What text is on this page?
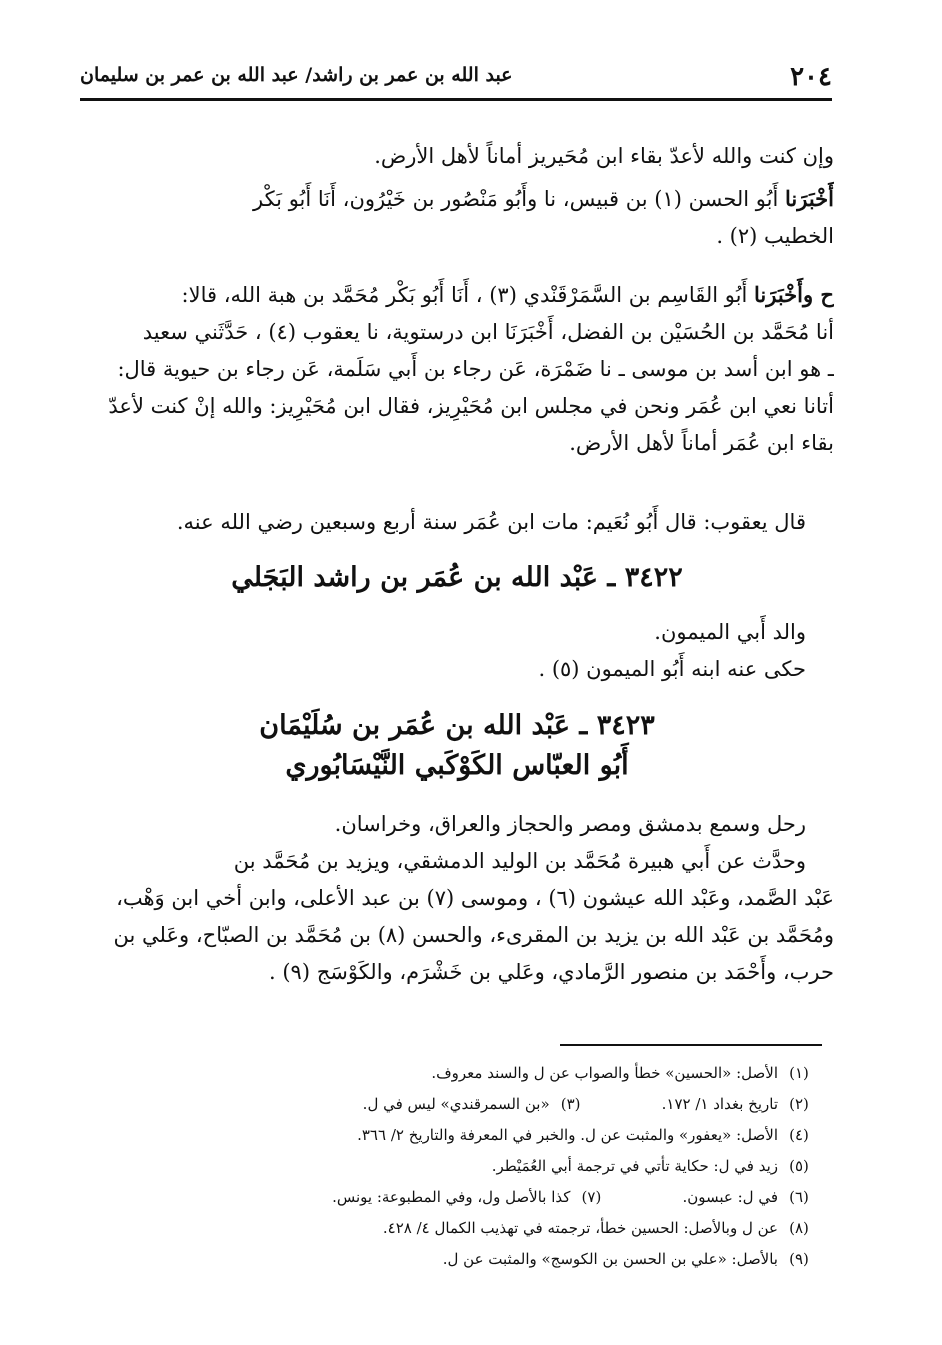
٢٠٤
عبد الله بن عمر بن راشد/ عبد الله بن عمر بن سليمان
وإن كنت والله لأعدّ بقاء ابن مُحَيريز أماناً لأهل الأرض.
أَخْبَرَنا أَبُو الحسن (١) بن قبيس، نا وأَبُو مَنْصُور بن خَيْرُون، أَنَا أَبُو بَكْر
الخطيب (٢) .
ح وأَخْبَرَنا أَبُو القَاسِم بن السَّمَرْقَنْدي (٣) ، أَنَا أَبُو بَكْر مُحَمَّد بن هبة الله، قالا:
أنا مُحَمَّد بن الحُسَيْن بن الفضل، أَخْبَرَنَا ابن درستوية، نا يعقوب (٤) ، حَدَّثَني سعيد
ـ هو ابن أسد بن موسى ـ نا ضَمْرَة، عَن رجاء بن أَبي سَلَمة، عَن رجاء بن حيوية قال:
أتانا نعي ابن عُمَر ونحن في مجلس ابن مُحَيْرِيز، فقال ابن مُحَيْرِيز: والله إنْ كنت لأعدّ
بقاء ابن عُمَر أماناً لأهل الأرض.
قال يعقوب: قال أَبُو نُعَيم: مات ابن عُمَر سنة أربع وسبعين رضي الله عنه.
٣٤٢٢ ـ عَبْد الله بن عُمَر بن راشد البَجَلي
والد أَبي الميمون.
حكى عنه ابنه أَبُو الميمون (٥) .
٣٤٢٣ ـ عَبْد الله بن عُمَر بن سُلَيْمَان
أَبُو العبّاس الكَوْكَبي النَّيْسَابُوري
رحل وسمع بدمشق ومصر والحجاز والعراق، وخراسان.
وحدَّث عن أَبي هبيرة مُحَمَّد بن الوليد الدمشقي، ويزيد بن مُحَمَّد بن
عَبْد الصَّمد، وعَبْد الله عيشون (٦) ، وموسى (٧) بن عبد الأعلى، وابن أخي ابن وَهْب،
ومُحَمَّد بن عَبْد الله بن يزيد بن المقرىء، والحسن (٨) بن مُحَمَّد بن الصبّاح، وعَلي بن
حرب، وأَحْمَد بن منصور الرَّمادي، وعَلي بن خَشْرَم، والكَوْسَج (٩) .
(١)
الأصل: «الحسين» خطأ والصواب عن ل والسند معروف.
(٢)
تاريخ بغداد ١/ ١٧٢.
(٣)
«بن السمرقندي» ليس في ل.
(٤)
الأصل: «يعفور» والمثبت عن ل. والخبر في المعرفة والتاريخ ٢/ ٣٦٦.
(٥)
زيد في ل: حكاية تأتي في ترجمة أبي العُمَيْطر.
(٦)
في ل: عبسون.
(٧)
كذا بالأصل ول، وفي المطبوعة: يونس.
(٨)
عن ل وبالأصل: الحسين خطأ، ترجمته في تهذيب الكمال ٤/ ٤٢٨.
(٩)
بالأصل: «علي بن الحسن بن الكوسج» والمثبت عن ل.
